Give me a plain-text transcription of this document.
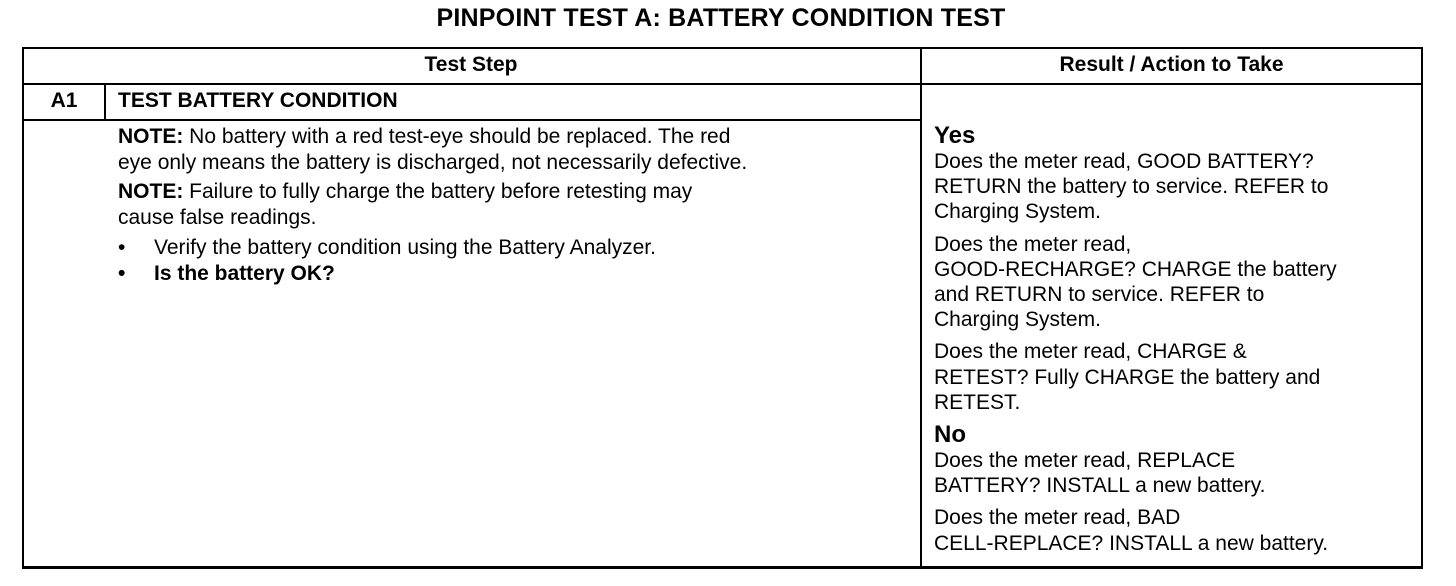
PINPOINT TEST A: BATTERY CONDITION TEST
Test Step	Result / Action to Take
A1	TEST BATTERY CONDITION
NOTE: No battery with a red test-eye should be replaced. The red
eye only means the battery is discharged, not necessarily defective.
NOTE: Failure to fully charge the battery before retesting may
cause false readings.
• Verify the battery condition using the Battery Analyzer.
• Is the battery OK?
Yes
Does the meter read, GOOD BATTERY?
RETURN the battery to service. REFER to
Charging System.
Does the meter read,
GOOD-RECHARGE? CHARGE the battery
and RETURN to service. REFER to
Charging System.
Does the meter read, CHARGE &
RETEST? Fully CHARGE the battery and
RETEST.
No
Does the meter read, REPLACE
BATTERY? INSTALL a new battery.
Does the meter read, BAD
CELL-REPLACE? INSTALL a new battery.
